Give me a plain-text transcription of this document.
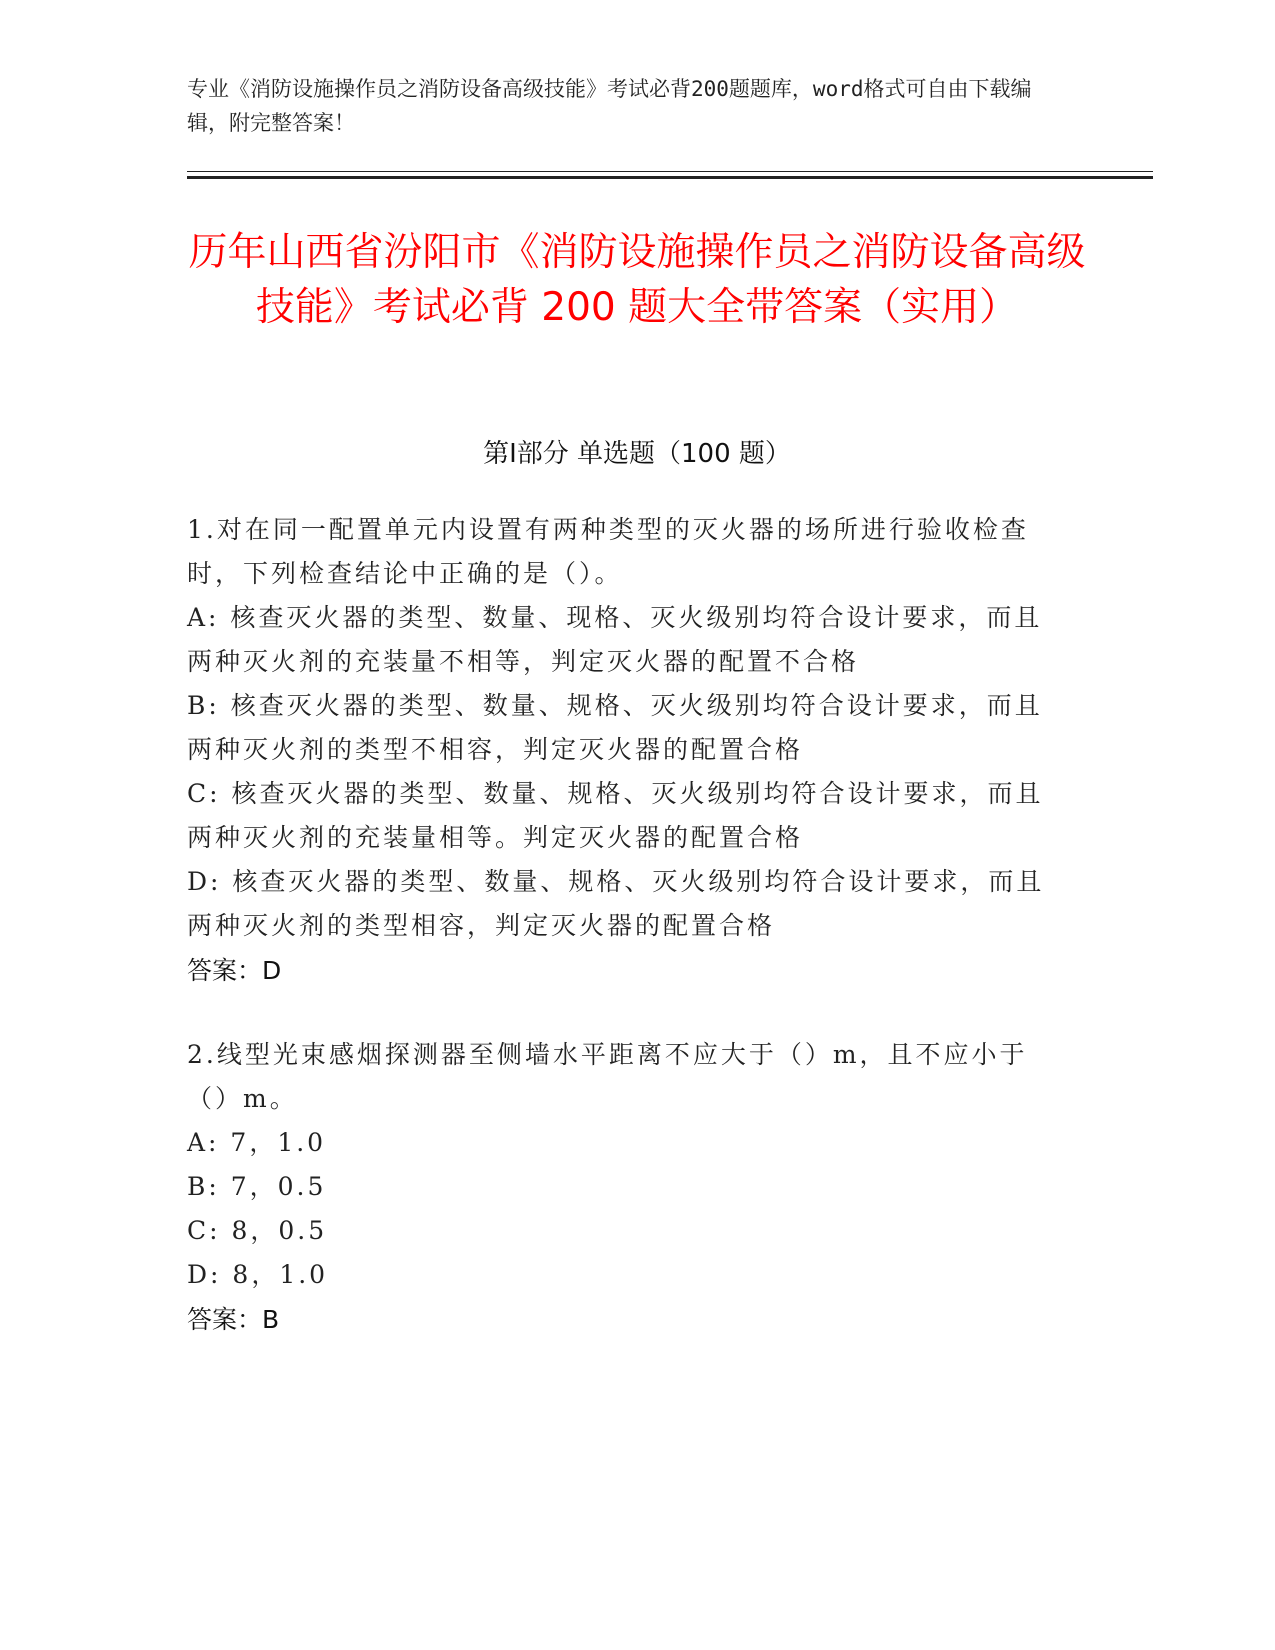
专业《消防设施操作员之消防设备高级技能》考试必背200题题库，word格式可自由下载编辑，附完整答案！
历年山西省汾阳市《消防设施操作员之消防设备高级技能》考试必背 200 题大全带答案（实用）
第Ⅰ部分 单选题（100 题）
1.对在同一配置单元内设置有两种类型的灭火器的场所进行验收检查时，下列检查结论中正确的是（）。
A: 核查灭火器的类型、数量、现格、灭火级别均符合设计要求，而且两种灭火剂的充装量不相等，判定灭火器的配置不合格
B: 核查灭火器的类型、数量、规格、灭火级别均符合设计要求，而且两种灭火剂的类型不相容，判定灭火器的配置合格
C: 核查灭火器的类型、数量、规格、灭火级别均符合设计要求，而且两种灭火剂的充装量相等。判定灭火器的配置合格
D: 核查灭火器的类型、数量、规格、灭火级别均符合设计要求，而且两种灭火剂的类型相容，判定灭火器的配置合格
答案：D
2.线型光束感烟探测器至侧墙水平距离不应大于（）m，且不应小于（）m。
A: 7，1.0
B: 7，0.5
C: 8，0.5
D: 8，1.0
答案：B
